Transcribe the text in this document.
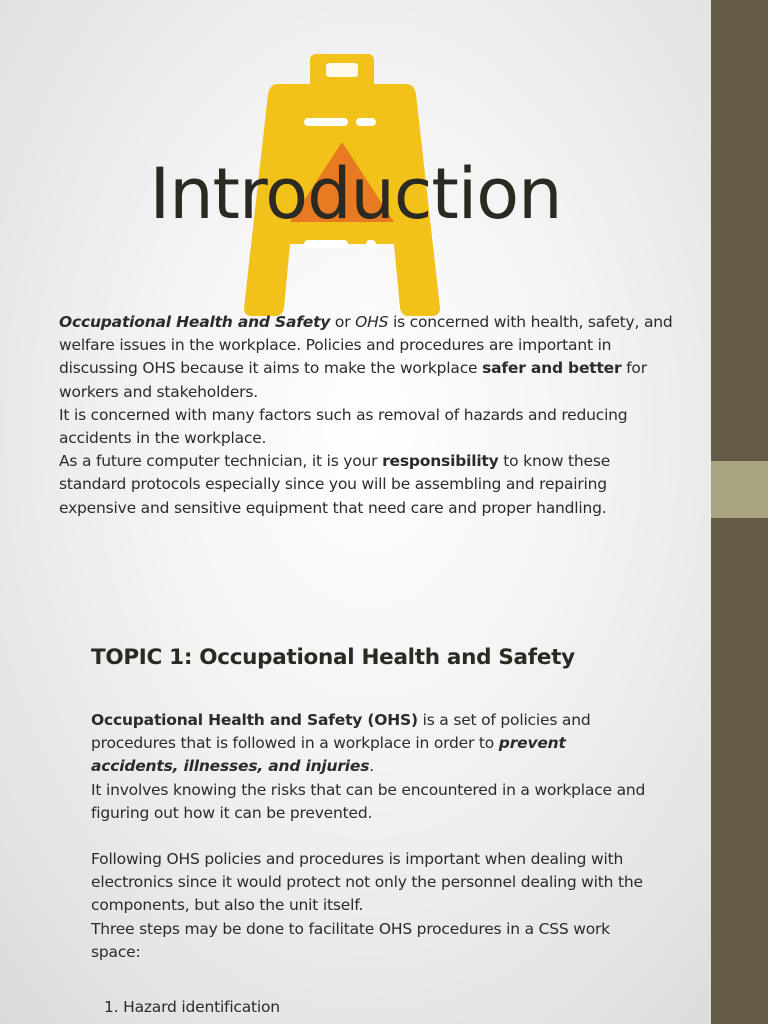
Introduction

Occupational Health and Safety or OHS is concerned with health, safety, and welfare issues in the workplace. Policies and procedures are important in discussing OHS because it aims to make the workplace safer and better for workers and stakeholders.
It is concerned with many factors such as removal of hazards and reducing accidents in the workplace.
As a future computer technician, it is your responsibility to know these standard protocols especially since you will be assembling and repairing expensive and sensitive equipment that need care and proper handling.

TOPIC 1: Occupational Health and Safety

Occupational Health and Safety (OHS) is a set of policies and procedures that is followed in a workplace in order to prevent accidents, illnesses, and injuries.
It involves knowing the risks that can be encountered in a workplace and figuring out how it can be prevented.

Following OHS policies and procedures is important when dealing with electronics since it would protect not only the personnel dealing with the components, but also the unit itself.
Three steps may be done to facilitate OHS procedures in a CSS work space:

1. Hazard identification
